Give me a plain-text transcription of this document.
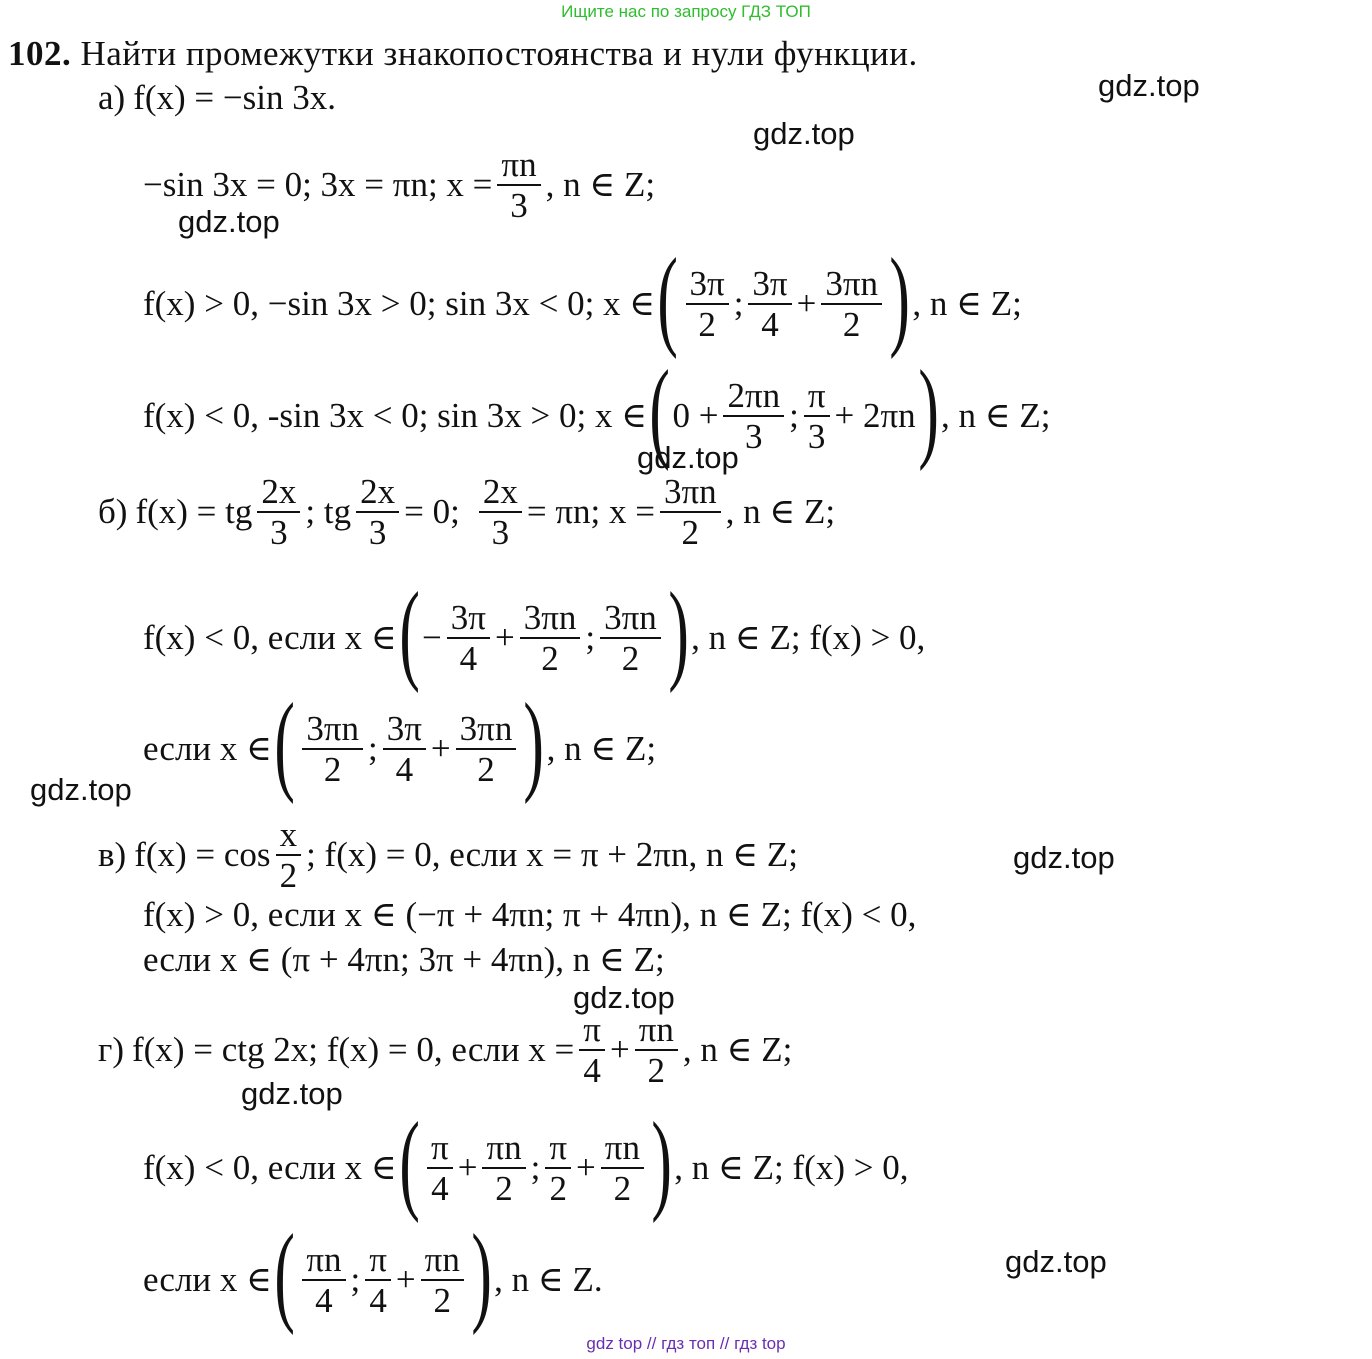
Ищите нас по запросу ГДЗ ТОП
gdz top // гдз топ // гдз top
gdz.top
gdz.top
gdz.top
gdz.top
gdz.top
gdz.top
gdz.top
gdz.top
gdz.top
102. Найти промежутки знакопостоянства и нули функции.
а) f(x) = −sin 3x.
−sin 3x = 0; 3x = πn; $x = \frac{\pi n}{3}$ , n ∈ Z;
f(x) > 0, −sin 3x > 0; sin 3x < 0; x ∈ ( $\frac{3\pi}{2}$ ; $\frac{3\pi}{4} + \frac{3\pi n}{2}$ ) , n ∈ Z;
f(x) < 0, -sin 3x < 0; sin 3x > 0; x ∈ ( $0 + \frac{2\pi n}{3}$ ; $\frac{\pi}{3} + 2\pi n$ ) , n ∈ Z;
б) f(x) = tg $\frac{2x}{3}$ ; tg $\frac{2x}{3} = 0$; $\frac{2x}{3} = \pi n$; $x = \frac{3\pi n}{2}$ , n ∈ Z;
f(x) < 0, если x ∈ ( − $\frac{3\pi}{4} + \frac{3\pi n}{2}$ ; $\frac{3\pi n}{2}$ ) , n ∈ Z; f(x) > 0,
если x ∈ ( $\frac{3\pi n}{2}$ ; $\frac{3\pi}{4} + \frac{3\pi n}{2}$ ) , n ∈ Z;
в) $f(x) = \cos \frac{x}{2}$ ; f(x) = 0, если x = π + 2πn, n ∈ Z;
f(x) > 0, если x ∈ (−π + 4πn; π + 4πn), n ∈ Z; f(x) < 0,
если x ∈ (π + 4πn; 3π + 4πn), n ∈ Z;
г) f(x) = ctg 2x; f(x) = 0, если $x = \frac{\pi}{4} + \frac{\pi n}{2}$ , n ∈ Z;
f(x) < 0, если x ∈ ( $\frac{\pi}{4} + \frac{\pi n}{2}$ ; $\frac{\pi}{2} + \frac{\pi n}{2}$ ) , n ∈ Z; f(x) > 0,
если x ∈ ( $\frac{\pi n}{4}$ ; $\frac{\pi}{4} + \frac{\pi n}{2}$ ) , n ∈ Z.
